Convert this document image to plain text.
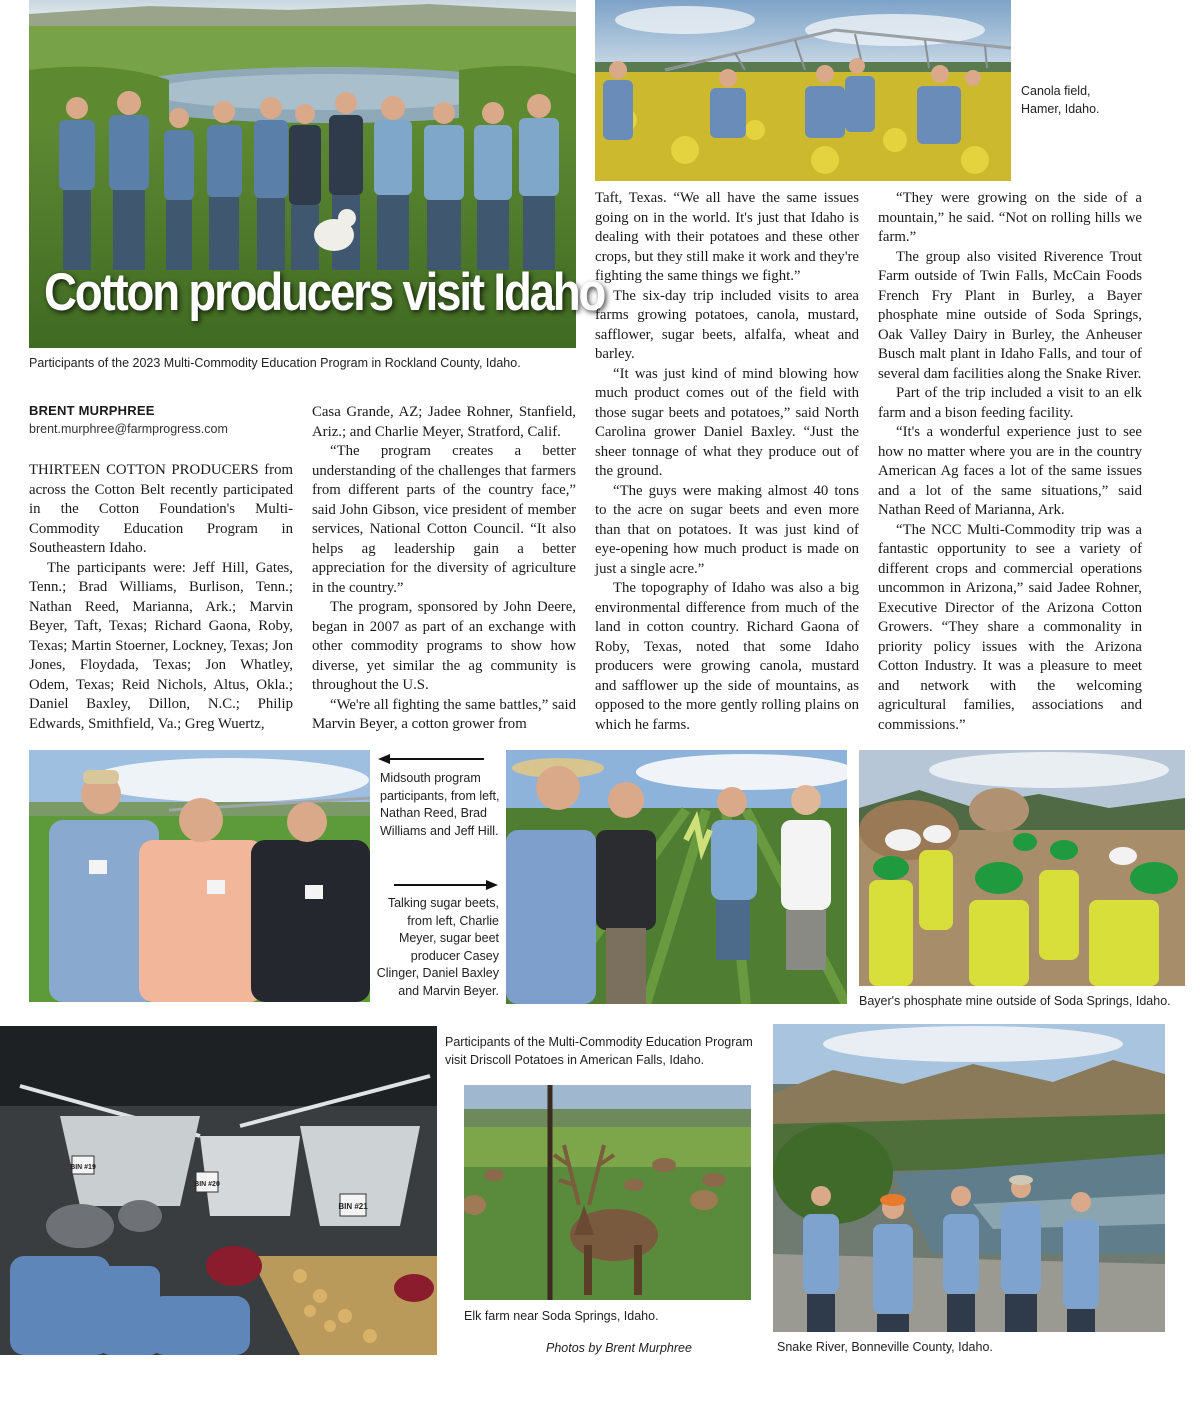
Cotton producers visit Idaho
Participants of the 2023 Multi-Commodity Education Program in Rockland County, Idaho.
Canola field,
Hamer, Idaho.
BRENT MURPHREE
brent.murphree@farmprogress.com

THIRTEEN COTTON PRODUCERS from across the Cotton Belt recently participated in the Cotton Foundation's Multi-Commodity Education Program in Southeastern Idaho.

The participants were: Jeff Hill, Gates, Tenn.; Brad Williams, Burlison, Tenn.; Nathan Reed, Marianna, Ark.; Marvin Beyer, Taft, Texas; Richard Gaona, Roby, Texas; Martin Stoerner, Lockney, Texas; Jon Jones, Floydada, Texas; Jon Whatley, Odem, Texas; Reid Nichols, Altus, Okla.; Daniel Baxley, Dillon, N.C.; Philip Edwards, Smithfield, Va.; Greg Wuertz,

Casa Grande, AZ; Jadee Rohner, Stanfield, Ariz.; and Charlie Meyer, Stratford, Calif.

“The program creates a better understanding of the challenges that farmers from different parts of the country face,” said John Gibson, vice president of member services, National Cotton Council. “It also helps ag leadership gain a better appreciation for the diversity of agriculture in the country.”

The program, sponsored by John Deere, began in 2007 as part of an exchange with other commodity programs to show how diverse, yet similar the ag community is throughout the U.S.

“We're all fighting the same battles,” said Marvin Beyer, a cotton grower from

Taft, Texas. “We all have the same issues going on in the world. It's just that Idaho is dealing with their potatoes and these other crops, but they still make it work and they're fighting the same things we fight.”

The six-day trip included visits to area farms growing potatoes, canola, mustard, safflower, sugar beets, alfalfa, wheat and barley.

“It was just kind of mind blowing how much product comes out of the field with those sugar beets and potatoes,” said North Carolina grower Daniel Baxley. “Just the sheer tonnage of what they produce out of the ground.

“The guys were making almost 40 tons to the acre on sugar beets and even more than that on potatoes. It was just kind of eye-opening how much product is made on just a single acre.”

The topography of Idaho was also a big environmental difference from much of the land in cotton country. Richard Gaona of Roby, Texas, noted that some Idaho producers were growing canola, mustard and safflower up the side of mountains, as opposed to the more gently rolling plains on which he farms.

“They were growing on the side of a mountain,” he said. “Not on rolling hills we farm.”

The group also visited Riverence Trout Farm outside of Twin Falls, McCain Foods French Fry Plant in Burley, a Bayer phosphate mine outside of Soda Springs, Oak Valley Dairy in Burley, the Anheuser Busch malt plant in Idaho Falls, and tour of several dam facilities along the Snake River.

Part of the trip included a visit to an elk farm and a bison feeding facility.

“It's a wonderful experience just to see how no matter where you are in the country American Ag faces a lot of the same issues and a lot of the same situations,” said Nathan Reed of Marianna, Ark.

“The NCC Multi-Commodity trip was a fantastic opportunity to see a variety of different crops and commercial operations uncommon in Arizona,” said Jadee Rohner, Executive Director of the Arizona Cotton Growers. “They share a commonality in priority policy issues with the Arizona Cotton Industry. It was a pleasure to meet and network with the welcoming agricultural families, associations and commissions.”

Midsouth program
participants, from left,
Nathan Reed, Brad
Williams and Jeff Hill.
Talking sugar beets,
from left, Charlie
Meyer, sugar beet
producer Casey
Clinger, Daniel Baxley
and Marvin Beyer.
Bayer's phosphate mine outside of Soda Springs, Idaho.
BIN #19
BIN #20
BIN #21
Participants of the Multi-Commodity Education Program
visit Driscoll Potatoes in American Falls, Idaho.
Elk farm near Soda Springs, Idaho.
Photos by Brent Murphree	Snake River, Bonneville County, Idaho.
